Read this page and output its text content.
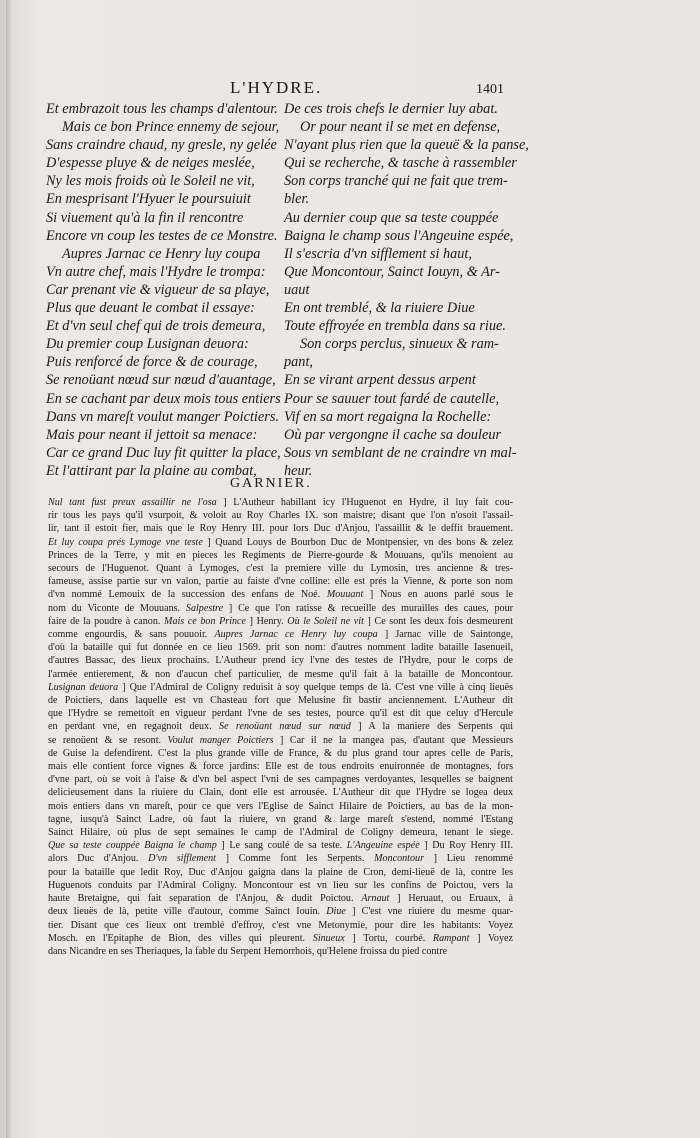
L'HYDRE.	1401
Et embrazoit tous les champs d'alentour.
Mais ce bon Prince ennemy de sejour,
Sans craindre chaud, ny gresle, ny gelée
D'espesse pluye & de neiges meslée,
Ny les mois froids où le Soleil ne vit,
En mesprisant l'Hyuer le poursuiuit
Si viuement qu'à la fin il rencontre
Encore vn coup les testes de ce Monstre.
Aupres Jarnac ce Henry luy coupa
Vn autre chef, mais l'Hydre le trompa:
Car prenant vie & vigueur de sa playe,
Plus que deuant le combat il essaye:
Et d'vn seul chef qui de trois demeura,
Du premier coup Lusignan deuora:
Puis renforcé de force & de courage,
Se renoüant nœud sur nœud d'auantage,
En se cachant par deux mois tous entiers
Dans vn mareſt voulut manger Poictiers.
Mais pour neant il jettoit sa menace:
Car ce grand Duc luy fit quitter la place,
Et l'attirant par la plaine au combat,
De ces trois chefs le dernier luy abat.
Or pour neant il se met en defense,
N'ayant plus rien que la queuë & la panse,
Qui se recherche, & tasche à rassembler
Son corps tranché qui ne fait que trem-
bler.
Au dernier coup que sa teste couppée
Baigna le champ sous l'Angeuine espée,
Il s'escria d'vn sifflement si haut,
Que Moncontour, Sainct Iouyn, & Ar-
uaut
En ont tremblé, & la riuiere Diue
Toute effroyée en trembla dans sa riue.
Son corps perclus, sinueux & ram-
pant,
En se virant arpent dessus arpent
Pour se sauuer tout fardé de cautelle,
Vif en sa mort regaigna la Rochelle:
Où par vergongne il cache sa douleur
Sous vn semblant de ne craindre vn mal-
heur.
GARNIER.

Nul tant fust preux assaillir ne l'osa ] L'Autheur habillant icy l'Huguenot en Hydre, il luy fait cou-

rir tous les pays qu'il vsurpoit, & voloit au Roy Charles IX. son maistre; disant que l'on n'osoit l'assail-

lir, tant il estoit fier, mais que le Roy Henry III. pour lors Duc d'Anjou, l'assaillit & le deffit brauement.

Et luy coupa prés Lymoge vne teste ] Quand Louys de Bourbon Duc de Montpensier, vn des bons & zelez

Princes de la Terre, y mit en pieces les Regiments de Pierre-gourde & Mouuans, qu'ils menoient au

secours de l'Huguenot. Quant à Lymoges, c'est la premiere ville du Lymosin, tres ancienne & tres-

fameuse, assise partie sur vn valon, partie au faiste d'vne colline: elle est prés la Vienne, & porte son nom

d'vn nommé Lemouix de la succession des enfans de Noé. Mouuant ] Nous en auons parlé sous le

nom du Viconte de Mouuans. Salpestre ] Ce que l'on ratisse & recueille des murailles des caues, pour

faire de la poudre à canon. Mais ce bon Prince ] Henry. Où le Soleil ne vit ] Ce sont les deux fois desmeurent

comme engourdis, & sans pouuoir. Aupres Jarnac ce Henry luy coupa ] Jarnac ville de Saintonge,

d'où la bataille qui fut donnée en ce lieu 1569. prit son nom: d'autres nomment ladite bataille Iasenueil,

d'autres Bassac, des lieux prochains. L'Autheur prend icy l'vne des testes de l'Hydre, pour le corps de

l'armée entierement, & non d'aucun chef particulier, de mesme qu'il fait à la bataille de Moncontour.

Lusignan deuora ] Que l'Admiral de Coligny reduisit à soy quelque temps de là. C'est vne ville à cinq lieuës

de Poictiers, dans laquelle est vn Chasteau fort que Melusine fit bastir anciennement. L'Autheur dit

que l'Hydre se remettoit en vigueur perdant l'vne de ses testes, pource qu'il est dit que celuy d'Hercule

en perdant vne, en regagnoit deux. Se renoüant nœud sur nœud ] A la maniere des Serpents qui

se renoüent & se resont. Voulut manger Poictiers ] Car il ne la mangea pas, d'autant que Messieurs

de Guise la defendirent. C'est la plus grande ville de France, & du plus grand tour apres celle de Paris,

mais elle contient force vignes & force jardins: Elle est de tous endroits enuironnée de montagnes, fors

d'vne part, où se voit à l'aise & d'vn bel aspect l'vni de ses campagnes verdoyantes, lesquelles se baignent

delicieusement dans la riuiere du Clain, dont elle est arrousée. L'Autheur dit que l'Hydre se logea deux

mois entiers dans vn mareſt, pour ce que vers l'Eglise de Sainct Hilaire de Poictiers, au bas de la mon-

tagne, iusqu'à Sainct Ladre, où faut la riuiere, vn grand & large mareſt s'estend, nommé l'Estang

Sainct Hilaire, où plus de sept semaines le camp de l'Admiral de Coligny demeura, tenant le siege.

Que sa teste couppée Baigna le champ ] Le sang coulé de sa teste. L'Angeuine espée ] Du Roy Henry III.

alors Duc d'Anjou. D'vn sifflement ] Comme font les Serpents. Moncontour ] Lieu renommé

pour la bataille que ledit Roy, Duc d'Anjou gaigna dans la plaine de Cron, demi-lieuë de là, contre les

Huguenots conduits par l'Admiral Coligny. Moncontour est vn lieu sur les confins de Poictou, vers la

haute Bretaigne, qui fait separation de l'Anjou, & dudit Poictou. Arnaut ] Heruaut, ou Eruaux, à

deux lieuës de là, petite ville d'autour, comme Sainct Iouin. Diue ] C'est vne riuiere du mesme quar-

tier. Disant que ces lieux ont tremblé d'effroy, c'est vne Metonymie, pour dire les habitants: Voyez

Mosch. en l'Epitaphe de Bion, des villes qui pleurent. Sinueux ] Tortu, courbé. Rampant ] Voyez

dans Nicandre en ses Theriaques, la fable du Serpent Hemorrhois, qu'Helene froissa du pied contre
